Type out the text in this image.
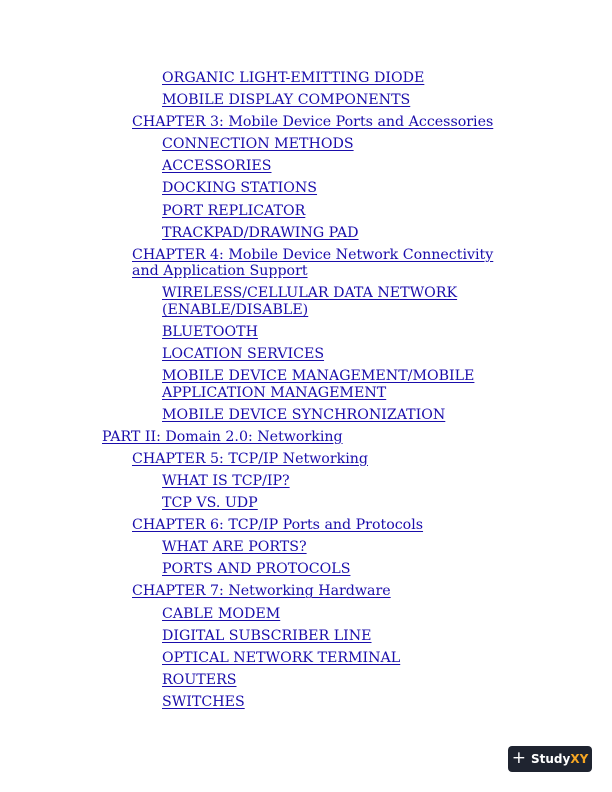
ORGANIC LIGHT-EMITTING DIODE
MOBILE DISPLAY COMPONENTS
CHAPTER 3: Mobile Device Ports and Accessories
CONNECTION METHODS
ACCESSORIES
DOCKING STATIONS
PORT REPLICATOR
TRACKPAD/DRAWING PAD
CHAPTER 4: Mobile Device Network Connectivity and Application Support
WIRELESS/CELLULAR DATA NETWORK (ENABLE/DISABLE)
BLUETOOTH
LOCATION SERVICES
MOBILE DEVICE MANAGEMENT/MOBILE APPLICATION MANAGEMENT
MOBILE DEVICE SYNCHRONIZATION
PART II: Domain 2.0: Networking
CHAPTER 5: TCP/IP Networking
WHAT IS TCP/IP?
TCP VS. UDP
CHAPTER 6: TCP/IP Ports and Protocols
WHAT ARE PORTS?
PORTS AND PROTOCOLS
CHAPTER 7: Networking Hardware
CABLE MODEM
DIGITAL SUBSCRIBER LINE
OPTICAL NETWORK TERMINAL
ROUTERS
SWITCHES
+ StudyXY
